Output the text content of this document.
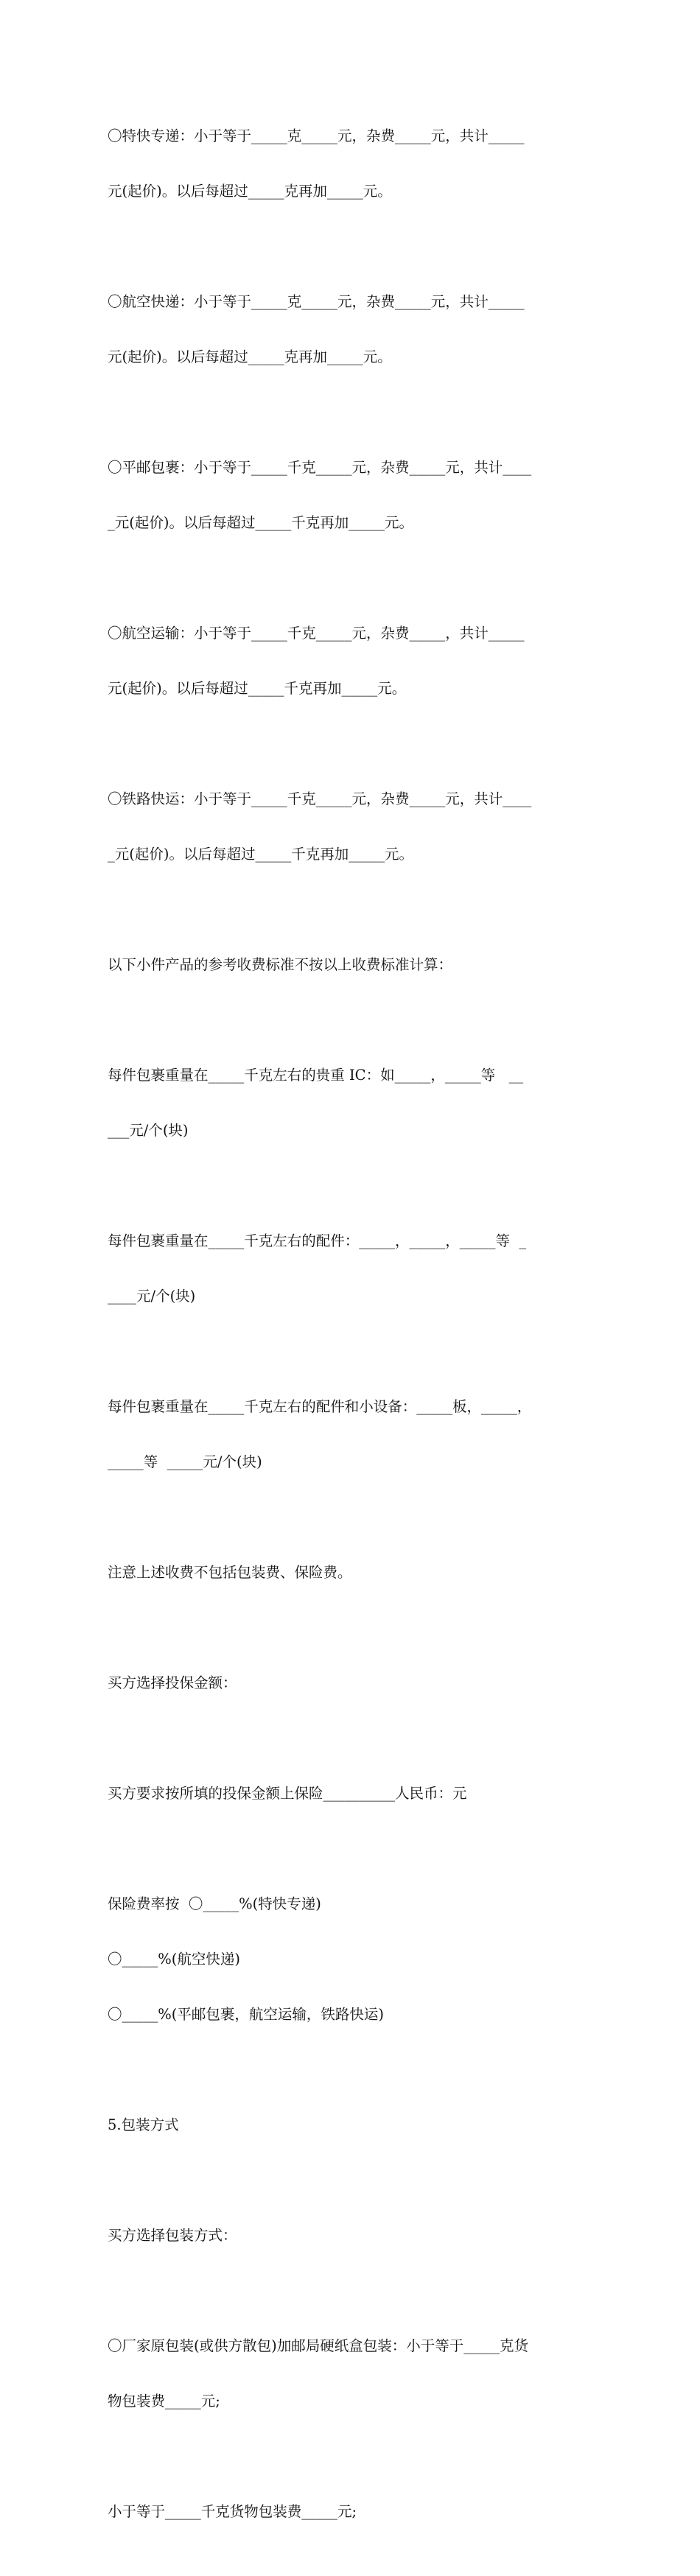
〇特快专递：小于等于_____克_____元，杂费_____元，共计_____

元(起价)。以后每超过_____克再加_____元。

〇航空快递：小于等于_____克_____元，杂费_____元，共计_____

元(起价)。以后每超过_____克再加_____元。

〇平邮包裹：小于等于_____千克_____元，杂费_____元，共计____

_元(起价)。以后每超过_____千克再加_____元。

〇航空运输：小于等于_____千克_____元，杂费_____，共计_____

元(起价)。以后每超过_____千克再加_____元。

〇铁路快运：小于等于_____千克_____元，杂费_____元，共计____

_元(起价)。以后每超过_____千克再加_____元。

以下小件产品的参考收费标准不按以上收费标准计算：

每件包裹重量在_____千克左右的贵重 IC：如_____，_____等   __

___元/个(块)

每件包裹重量在_____千克左右的配件：_____，_____，_____等  _

____元/个(块)

每件包裹重量在_____千克左右的配件和小设备：_____板，_____，

_____等  _____元/个(块)

注意上述收费不包括包装费、保险费。

买方选择投保金额：

买方要求按所填的投保金额上保险__________人民币：元

保险费率按  〇_____%(特快专递)

〇_____%(航空快递)

〇_____%(平邮包裹，航空运输，铁路快运)

5.包装方式

买方选择包装方式：

〇厂家原包装(或供方散包)加邮局硬纸盒包装：小于等于_____克货

物包装费_____元;

小于等于_____千克货物包装费_____元;
